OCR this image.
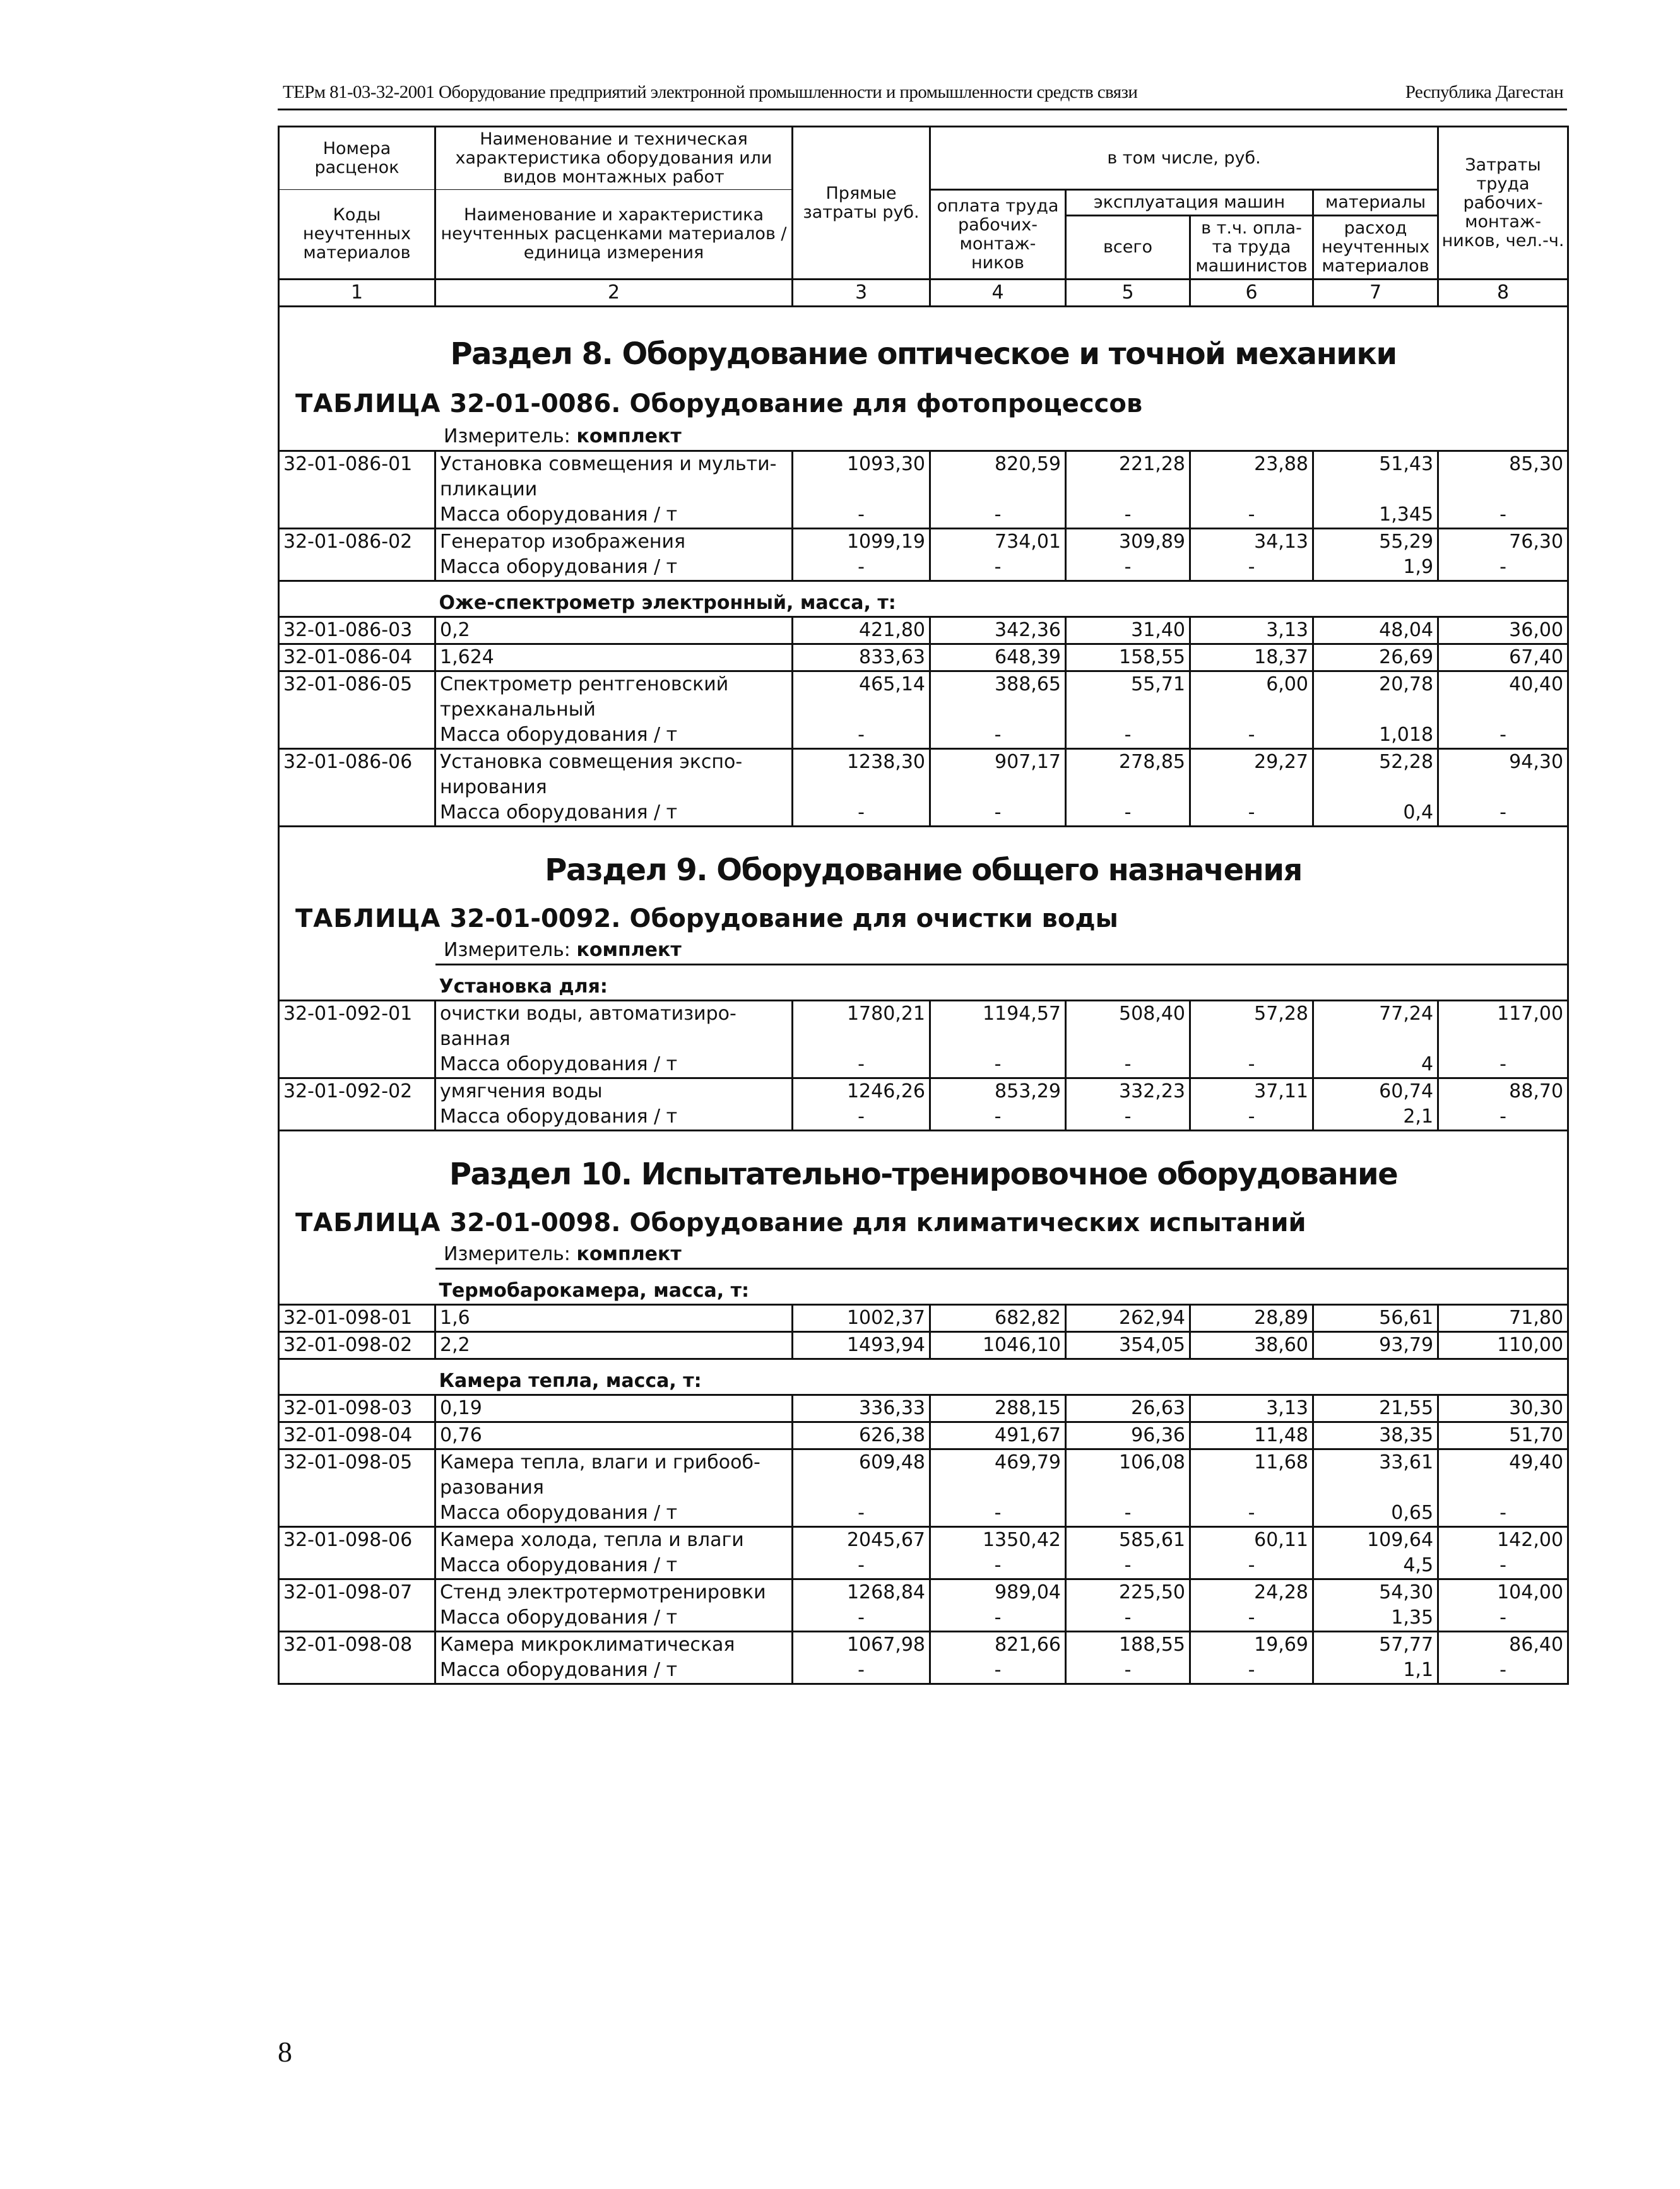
ТЕРм 81-03-32-2001 Оборудование предприятий электронной промышленности и промышленности средств связи	Республика Дагестан
Номера расценок	Наименование и техническая характеристика оборудования или видов монтажных работ	Прямые затраты руб.	в том числе, руб.				Затраты труда рабочих-монтаж-ников, чел.-ч.
Коды неучтенных материалов	Наименование и характеристика неучтенных расценками материалов / единица измерения		оплата труда рабочих-монтаж-ников	эксплуатация машин		материалы	
				всего	в т.ч. опла-та труда машинистов	расход неучтенных материалов	
1	2	3	4	5	6	7	8

Раздел 8. Оборудование оптическое и точной механики
ТАБЛИЦА 32-01-0086. Оборудование для фотопроцессов
Измеритель: комплект							

32-01-086-01	Установка совмещения и мульти-пликации	1093,30	820,59	221,28	23,88	51,43	85,30
	Масса оборудования / т	-	-	-	-	1,345	-
32-01-086-02	Генератор изображения	1099,19	734,01	309,89	34,13	55,29	76,30
	Масса оборудования / т	-	-	-	-	1,9	-
	Оже-спектрометр электронный, масса, т:						
32-01-086-03	0,2	421,80	342,36	31,40	3,13	48,04	36,00
32-01-086-04	1,624	833,63	648,39	158,55	18,37	26,69	67,40
32-01-086-05	Спектрометр рентгеновский трехканальный	465,14	388,65	55,71	6,00	20,78	40,40
	Масса оборудования / т	-	-	-	-	1,018	-
32-01-086-06	Установка совмещения экспо-нирования	1238,30	907,17	278,85	29,27	52,28	94,30
	Масса оборудования / т	-	-	-	-	0,4	-

Раздел 9. Оборудование общего назначения
ТАБЛИЦА 32-01-0092. Оборудование для очистки воды
Измеритель: комплект							

	Установка для:						
32-01-092-01	очистки воды, автоматизиро-ванная	1780,21	1194,57	508,40	57,28	77,24	117,00
	Масса оборудования / т	-	-	-	-	4	-
32-01-092-02	умягчения воды	1246,26	853,29	332,23	37,11	60,74	88,70
	Масса оборудования / т	-	-	-	-	2,1	-

Раздел 10. Испытательно-тренировочное оборудование
ТАБЛИЦА 32-01-0098. Оборудование для климатических испытаний
Измеритель: комплект							

	Термобарокамера, масса, т:						
32-01-098-01	1,6	1002,37	682,82	262,94	28,89	56,61	71,80
32-01-098-02	2,2	1493,94	1046,10	354,05	38,60	93,79	110,00
	Камера тепла, масса, т:						
32-01-098-03	0,19	336,33	288,15	26,63	3,13	21,55	30,30
32-01-098-04	0,76	626,38	491,67	96,36	11,48	38,35	51,70
32-01-098-05	Камера тепла, влаги и грибооб-разования	609,48	469,79	106,08	11,68	33,61	49,40
	Масса оборудования / т	-	-	-	-	0,65	-
32-01-098-06	Камера холода, тепла и влаги	2045,67	1350,42	585,61	60,11	109,64	142,00
	Масса оборудования / т	-	-	-	-	4,5	-
32-01-098-07	Стенд электротермотренировки	1268,84	989,04	225,50	24,28	54,30	104,00
	Масса оборудования / т	-	-	-	-	1,35	-
32-01-098-08	Камера микроклиматическая	1067,98	821,66	188,55	19,69	57,77	86,40
	Масса оборудования / т	-	-	-	-	1,1	-
8
